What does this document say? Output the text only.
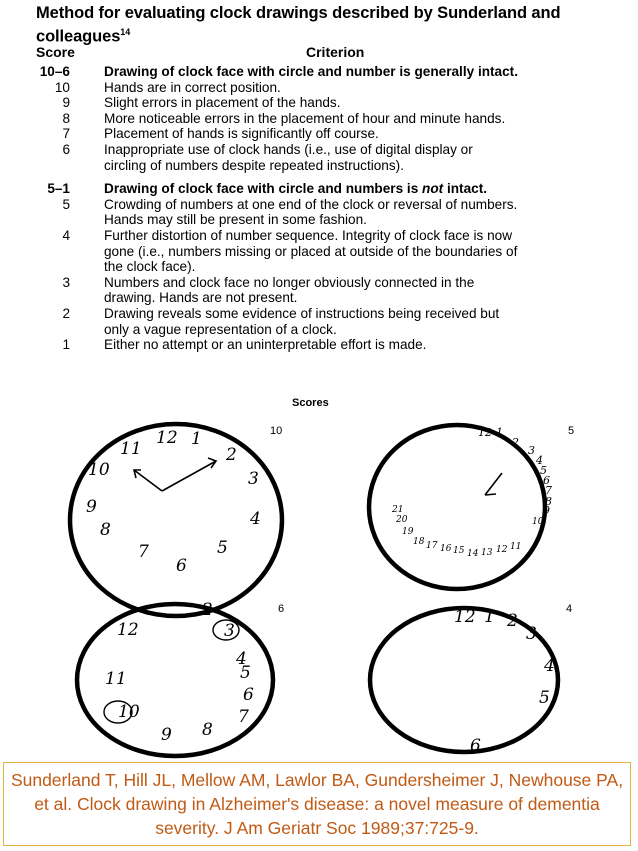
Method for evaluating clock drawings described by Sunderland and colleagues$^{14}$
Score	Criterion
10–6	Drawing of clock face with circle and number is generally intact.
10	Hands are in correct position.
9	Slight errors in placement of the hands.
8	More noticeable errors in the placement of hour and minute hands.
7	Placement of hands is significantly off course.
6	Inappropriate use of clock hands (i.e., use of digital display or
circling of numbers despite repeated instructions).
5–1	Drawing of clock face with circle and numbers is not intact.
5	Crowding of numbers at one end of the clock or reversal of numbers.
Hands may still be present in some fashion.
4	Further distortion of number sequence. Integrity of clock face is now
gone (i.e., numbers missing or placed at outside of the boundaries of
the clock face).
3	Numbers and clock face no longer obviously connected in the
drawing. Hands are not present.
2	Drawing reveals some evidence of instructions being received but
only a vague representation of a clock.
1	Either no attempt or an uninterpretable effort is made.
Scores
10
12 1
2
3
4
5
6
7
8
9
10
11
5
12 1
2
3
4
5
6
7
8
9
10
11
12
13
14
15
16
17
18
19
20
21
6
12
2
3
4
5
6
7
8
9
10
11
4
12 1 2
3
4
5
6
Sunderland T, Hill JL, Mellow AM, Lawlor BA, Gundersheimer J, Newhouse PA, et al. Clock drawing in Alzheimer's disease: a novel measure of dementia severity. J Am Geriatr Soc 1989;37:725-9.
